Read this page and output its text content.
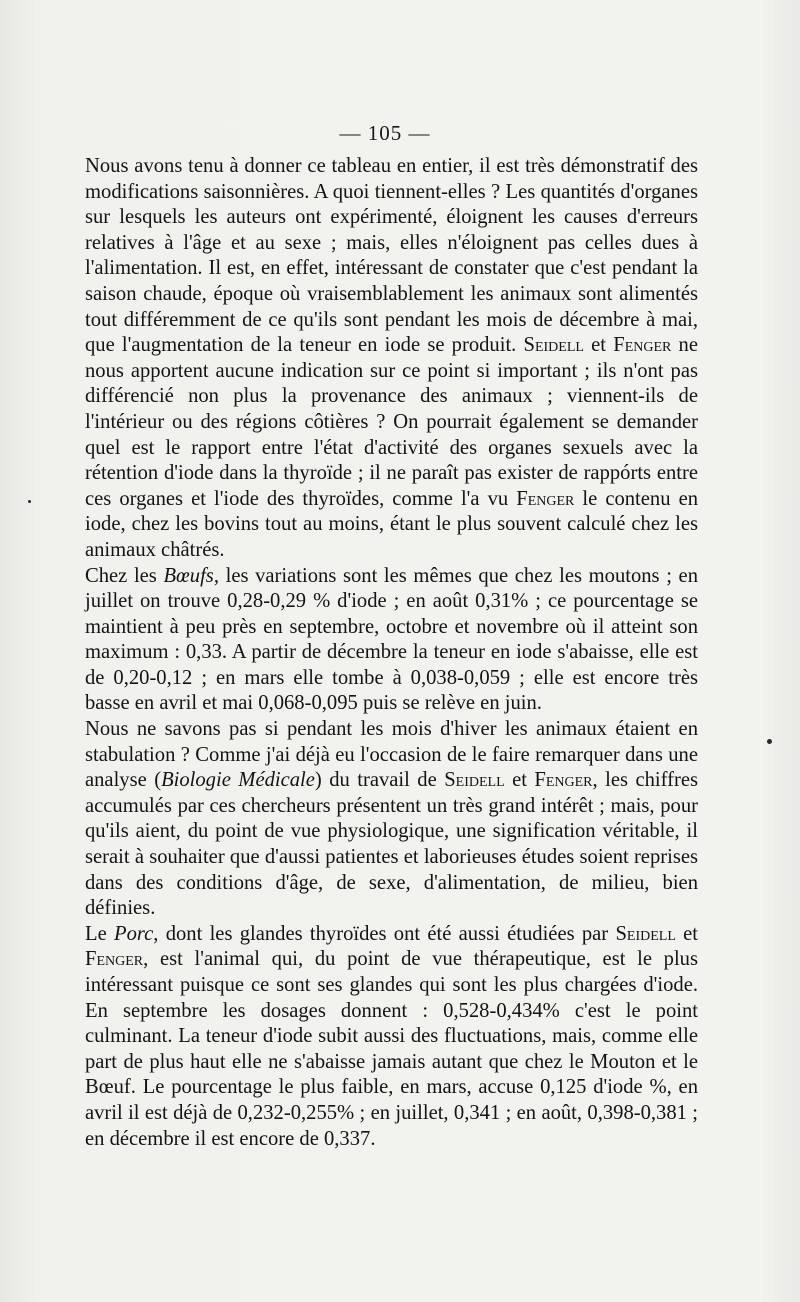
— 105 —

Nous avons tenu à donner ce tableau en entier, il est très démonstratif des modifications saisonnières. A quoi tiennent-elles ? Les quantités d'organes sur lesquels les auteurs ont expérimenté, éloignent les causes d'erreurs relatives à l'âge et au sexe ; mais, elles n'éloignent pas celles dues à l'alimentation. Il est, en effet, intéressant de constater que c'est pendant la saison chaude, époque où vraisemblablement les animaux sont alimentés tout différemment de ce qu'ils sont pendant les mois de décembre à mai, que l'augmentation de la teneur en iode se produit. Seidell et Fenger ne nous apportent aucune indication sur ce point si important ; ils n'ont pas différencié non plus la provenance des animaux ; viennent-ils de l'intérieur ou des régions côtières ? On pourrait également se demander quel est le rapport entre l'état d'activité des organes sexuels avec la rétention d'iode dans la thyroïde ; il ne paraît pas exister de rappórts entre ces organes et l'iode des thyroïdes, comme l'a vu Fenger le contenu en iode, chez les bovins tout au moins, étant le plus souvent calculé chez les animaux châtrés.

Chez les Bœufs, les variations sont les mêmes que chez les moutons ; en juillet on trouve 0,28-0,29 % d'iode ; en août 0,31% ; ce pourcentage se maintient à peu près en septembre, octobre et novembre où il atteint son maximum : 0,33. A partir de décembre la teneur en iode s'abaisse, elle est de 0,20-0,12 ; en mars elle tombe à 0,038-0,059 ; elle est encore très basse en avril et mai 0,068-0,095 puis se relève en juin.

Nous ne savons pas si pendant les mois d'hiver les animaux étaient en stabulation ? Comme j'ai déjà eu l'occasion de le faire remarquer dans une analyse (Biologie Médicale) du travail de Seidell et Fenger, les chiffres accumulés par ces chercheurs présentent un très grand intérêt ; mais, pour qu'ils aient, du point de vue physiologique, une signification véritable, il serait à souhaiter que d'aussi patientes et laborieuses études soient reprises dans des conditions d'âge, de sexe, d'alimentation, de milieu, bien définies.

Le Porc, dont les glandes thyroïdes ont été aussi étudiées par Seidell et Fenger, est l'animal qui, du point de vue thérapeutique, est le plus intéressant puisque ce sont ses glandes qui sont les plus chargées d'iode. En septembre les dosages donnent : 0,528-0,434% c'est le point culminant. La teneur d'iode subit aussi des fluctuations, mais, comme elle part de plus haut elle ne s'abaisse jamais autant que chez le Mouton et le Bœuf. Le pourcentage le plus faible, en mars, accuse 0,125 d'iode %, en avril il est déjà de 0,232-0,255% ; en juillet, 0,341 ; en août, 0,398-0,381 ; en décembre il est encore de 0,337.
